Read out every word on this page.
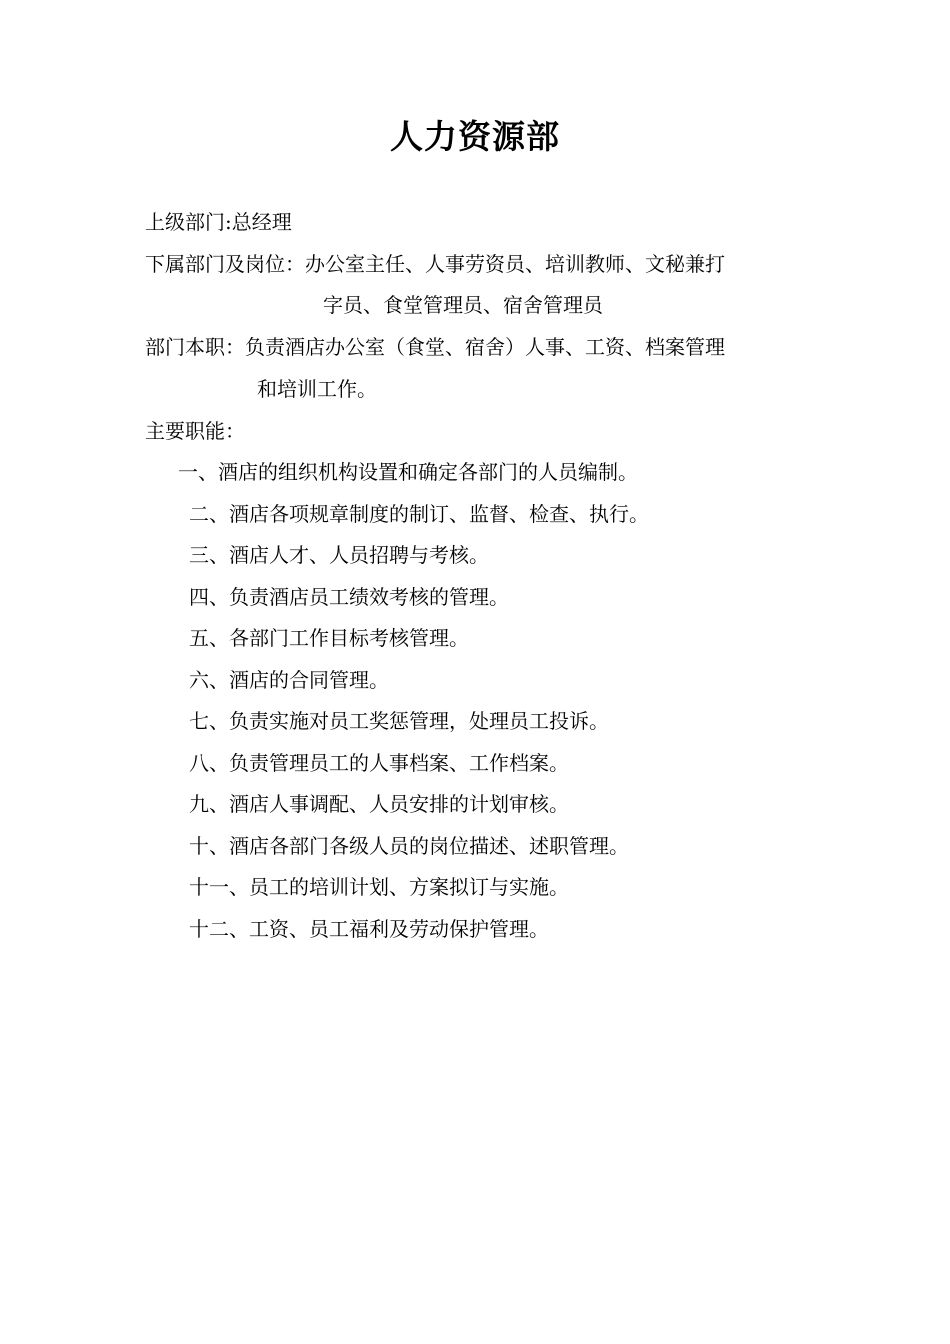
人力资源部
上级部门:总经理
下属部门及岗位：办公室主任、人事劳资员、培训教师、文秘兼打
字员、食堂管理员、宿舍管理员
部门本职：负责酒店办公室（食堂、宿舍）人事、工资、档案管理
和培训工作。
主要职能：
一、酒店的组织机构设置和确定各部门的人员编制。
二、酒店各项规章制度的制订、监督、检查、执行。
三、酒店人才、人员招聘与考核。
四、负责酒店员工绩效考核的管理。
五、各部门工作目标考核管理。
六、酒店的合同管理。
七、负责实施对员工奖惩管理，处理员工投诉。
八、负责管理员工的人事档案、工作档案。
九、酒店人事调配、人员安排的计划审核。
十、酒店各部门各级人员的岗位描述、述职管理。
十一、员工的培训计划、方案拟订与实施。
十二、工资、员工福利及劳动保护管理。
